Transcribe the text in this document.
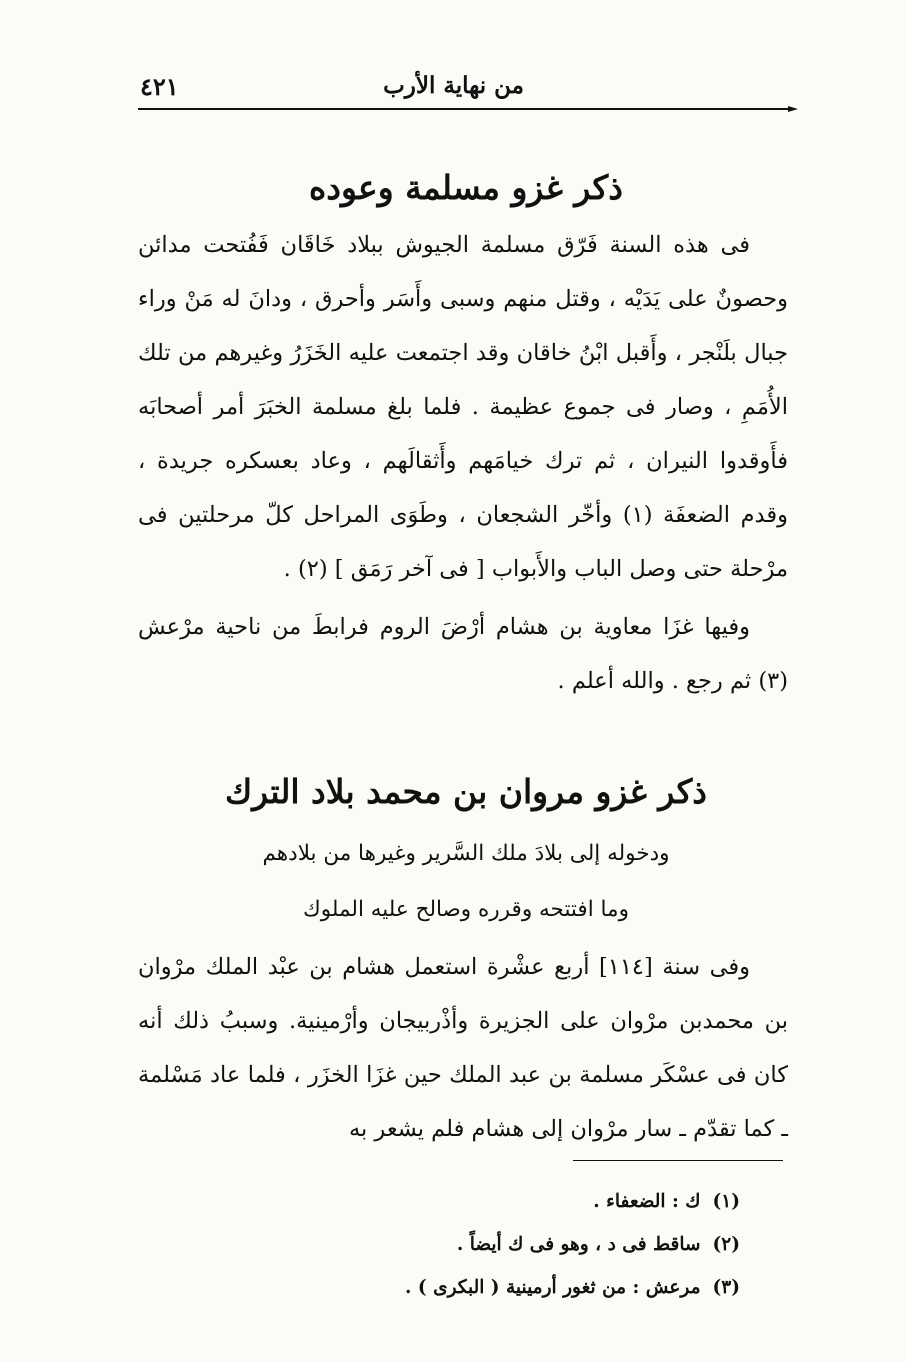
من نهاية الأرب
٤٢١
ذكر غزو مسلمة وعوده

فى هذه السنة فَرّق مسلمة الجيوش ببلاد خَاقَان فَفُتحت مدائن وحصونٌ على يَدَيْه ، وقتل منهم وسبى وأَسَر وأحرق ، ودانَ له مَنْ وراء جبال بلَنْجر ، وأَقبل ابْنُ خاقان وقد اجتمعت عليه الخَزَرُ وغيرهم من تلك الأُمَمِ ، وصار فى جموع عظيمة . فلما بلغ مسلمة الخبَرَ أمر أصحابَه فأَوقدوا النيران ، ثم ترك خيامَهم وأَثقالَهم ، وعاد بعسكره جريدة ، وقدم الضعفَة (١) وأخّر الشجعان ، وطَوَى المراحل كلّ مرحلتين فى مرْحلة حتى وصل الباب والأَبواب [ فى آخر رَمَق ] (٢) .

وفيها غزَا معاوية بن هشام أرْضَ الروم فرابطَ من ناحية مرْعش (٣) ثم رجع . والله أعلم .

ذكر غزو مروان بن محمد بلاد الترك
ودخوله إلى بلادَ ملك السَّرير وغيرها من بلادهم
وما افتتحه وقرره وصالح عليه الملوك

وفى سنة [١١٤] أربع عشْرة استعمل هشام بن عبْد الملك مرْوان بن محمدبن مرْوان على الجزيرة وأذْربيجان وأرْمينية. وسببُ ذلك أنه كان فى عسْكَر مسلمة بن عبد الملك حين غزَا الخزَر ، فلما عاد مَسْلمة ـ كما تقدّم ـ سار مرْوان إلى هشام فلم يشعر به

(١)ك : الضعفاء .
(٢)ساقط فى د ، وهو فى ك أيضاً .
(٣)مرعش : من ثغور أرمينية ( البكرى ) .
